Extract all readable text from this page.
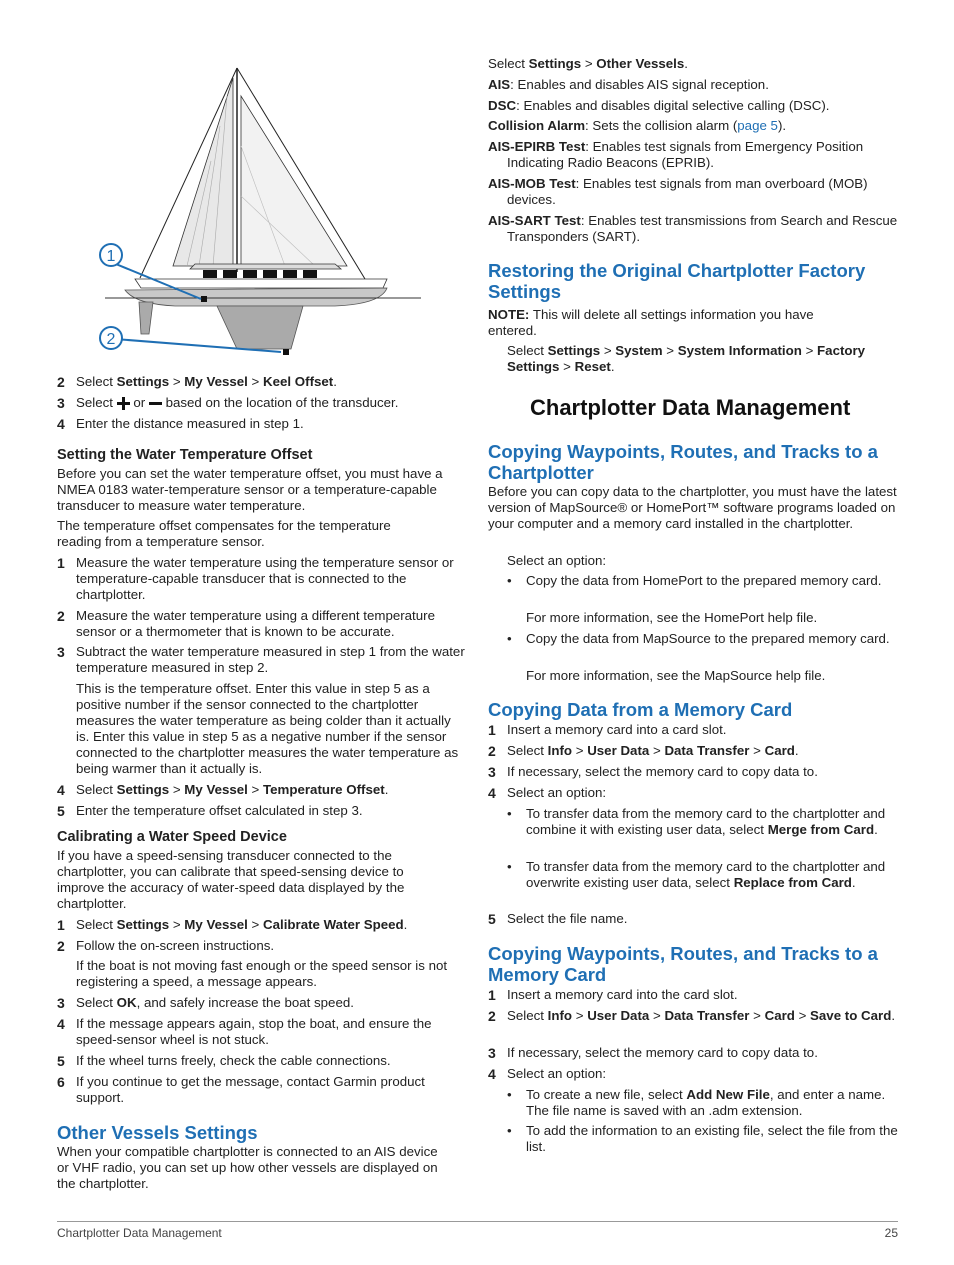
1
2
2 Select Settings > My Vessel > Keel Offset.
3 Select  or  based on the location of the transducer.
4 Enter the distance measured in step 1.
Setting the Water Temperature Offset

Before you can set the water temperature offset, you must have a NMEA 0183 water-temperature sensor or a temperature-capable transducer to measure water temperature.

The temperature offset compensates for the temperature reading from a temperature sensor.

1 Measure the water temperature using the temperature sensor or temperature-capable transducer that is connected to the chartplotter.
2 Measure the water temperature using a different temperature sensor or a thermometer that is known to be accurate.
3 Subtract the water temperature measured in step 1 from the water temperature measured in step 2.

This is the temperature offset. Enter this value in step 5 as a positive number if the sensor connected to the chartplotter measures the water temperature as being colder than it actually is. Enter this value in step 5 as a negative number if the sensor connected to the chartplotter measures the water temperature as being warmer than it actually is.

4 Select Settings > My Vessel > Temperature Offset.
5 Enter the temperature offset calculated in step 3.
Calibrating a Water Speed Device

If you have a speed-sensing transducer connected to the chartplotter, you can calibrate that speed-sensing device to improve the accuracy of water-speed data displayed by the chartplotter.

1 Select Settings > My Vessel > Calibrate Water Speed.
2 Follow the on-screen instructions.

If the boat is not moving fast enough or the speed sensor is not registering a speed, a message appears.

3 Select OK, and safely increase the boat speed.
4 If the message appears again, stop the boat, and ensure the speed-sensor wheel is not stuck.
5 If the wheel turns freely, check the cable connections.
6 If you continue to get the message, contact Garmin product support.
Other Vessels Settings

When your compatible chartplotter is connected to an AIS device or VHF radio, you can set up how other vessels are displayed on the chartplotter.

Select Settings > Other Vessels.

AIS: Enables and disables AIS signal reception.

DSC: Enables and disables digital selective calling (DSC).

Collision Alarm: Sets the collision alarm (page 5).

AIS-EPIRB Test: Enables test signals from Emergency Position Indicating Radio Beacons (EPRIB).

AIS-MOB Test: Enables test signals from man overboard (MOB) devices.

AIS-SART Test: Enables test transmissions from Search and Rescue Transponders (SART).

Restoring the Original Chartplotter Factory Settings

NOTE: This will delete all settings information you have entered.

Select Settings > System > System Information > Factory Settings > Reset.

Chartplotter Data Management
Copying Waypoints, Routes, and Tracks to a Chartplotter

Before you can copy data to the chartplotter, you must have the latest version of MapSource® or HomePort™ software programs loaded on your computer and a memory card installed in the chartplotter.

Select an option:

•	Copy the data from HomePort to the prepared memory card.

For more information, see the HomePort help file.

•	Copy the data from MapSource to the prepared memory card.

For more information, see the MapSource help file.

Copying Data from a Memory Card
1 Insert a memory card into a card slot.
2 Select Info > User Data > Data Transfer > Card.
3 If necessary, select the memory card to copy data to.
4 Select an option:
•	To transfer data from the memory card to the chartplotter and combine it with existing user data, select Merge from Card.
•	To transfer data from the memory card to the chartplotter and overwrite existing user data, select Replace from Card.
5 Select the file name.
Copying Waypoints, Routes, and Tracks to a Memory Card
1 Insert a memory card into the card slot.
2 Select Info > User Data > Data Transfer > Card > Save to Card.
3 If necessary, select the memory card to copy data to.
4 Select an option:
•	To create a new file, select Add New File, and enter a name. The file name is saved with an .adm extension.
•	To add the information to an existing file, select the file from the list.
Chartplotter Data Management	25
